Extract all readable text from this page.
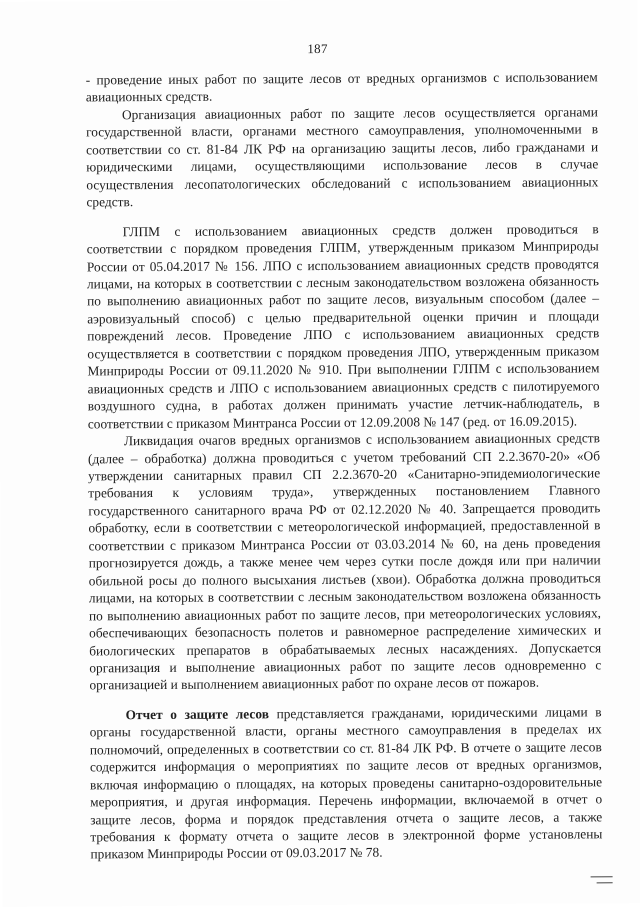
187

- проведение иных работ по защите лесов от вредных организмов с использованием авиационных средств.

Организация авиационных работ по защите лесов осуществляется органами государственной власти, органами местного самоуправления, уполномоченными в соответствии со ст. 81-84 ЛК РФ на организацию защиты лесов, либо гражданами и юридическими лицами, осуществляющими использование лесов в случае осуществления лесопатологических обследований с использованием авиационных средств.

ГЛПМ с использованием авиационных средств должен проводиться в соответствии с порядком проведения ГЛПМ, утвержденным приказом Минприроды России от 05.04.2017 № 156. ЛПО с использованием авиационных средств проводятся лицами, на которых в соответствии с лесным законодательством возложена обязанность по выполнению авиационных работ по защите лесов, визуальным способом (далее – аэровизуальный способ) с целью предварительной оценки причин и площади повреждений лесов. Проведение ЛПО с использованием авиационных средств осуществляется в соответствии с порядком проведения ЛПО, утвержденным приказом Минприроды России от 09.11.2020 № 910. При выполнении ГЛПМ с использованием авиационных средств и ЛПО с использованием авиационных средств с пилотируемого воздушного судна, в работах должен принимать участие летчик-наблюдатель, в соответствии с приказом Минтранса России от 12.09.2008 № 147 (ред. от 16.09.2015).

Ликвидация очагов вредных организмов с использованием авиационных средств (далее – обработка) должна проводиться с учетом требований СП 2.2.3670-20» «Об утверждении санитарных правил СП 2.2.3670-20 «Санитарно-эпидемиологические требования к условиям труда», утвержденных постановлением Главного государственного санитарного врача РФ от 02.12.2020 № 40. Запрещается проводить обработку, если в соответствии с метеорологической информацией, предоставленной в соответствии с приказом Минтранса России от 03.03.2014 № 60, на день проведения прогнозируется дождь, а также менее чем через сутки после дождя или при наличии обильной росы до полного высыхания листьев (хвои). Обработка должна проводиться лицами, на которых в соответствии с лесным законодательством возложена обязанность по выполнению авиационных работ по защите лесов, при метеорологических условиях, обеспечивающих безопасность полетов и равномерное распределение химических и биологических препаратов в обрабатываемых лесных насаждениях. Допускается организация и выполнение авиационных работ по защите лесов одновременно с организацией и выполнением авиационных работ по охране лесов от пожаров.

Отчет о защите лесов представляется гражданами, юридическими лицами в органы государственной власти, органы местного самоуправления в пределах их полномочий, определенных в соответствии со ст. 81-84 ЛК РФ. В отчете о защите лесов содержится информация о мероприятиях по защите лесов от вредных организмов, включая информацию о площадях, на которых проведены санитарно-оздоровительные мероприятия, и другая информация. Перечень информации, включаемой в отчет о защите лесов, форма и порядок представления отчета о защите лесов, а также требования к формату отчета о защите лесов в электронной форме установлены приказом Минприроды России от 09.03.2017 № 78.
